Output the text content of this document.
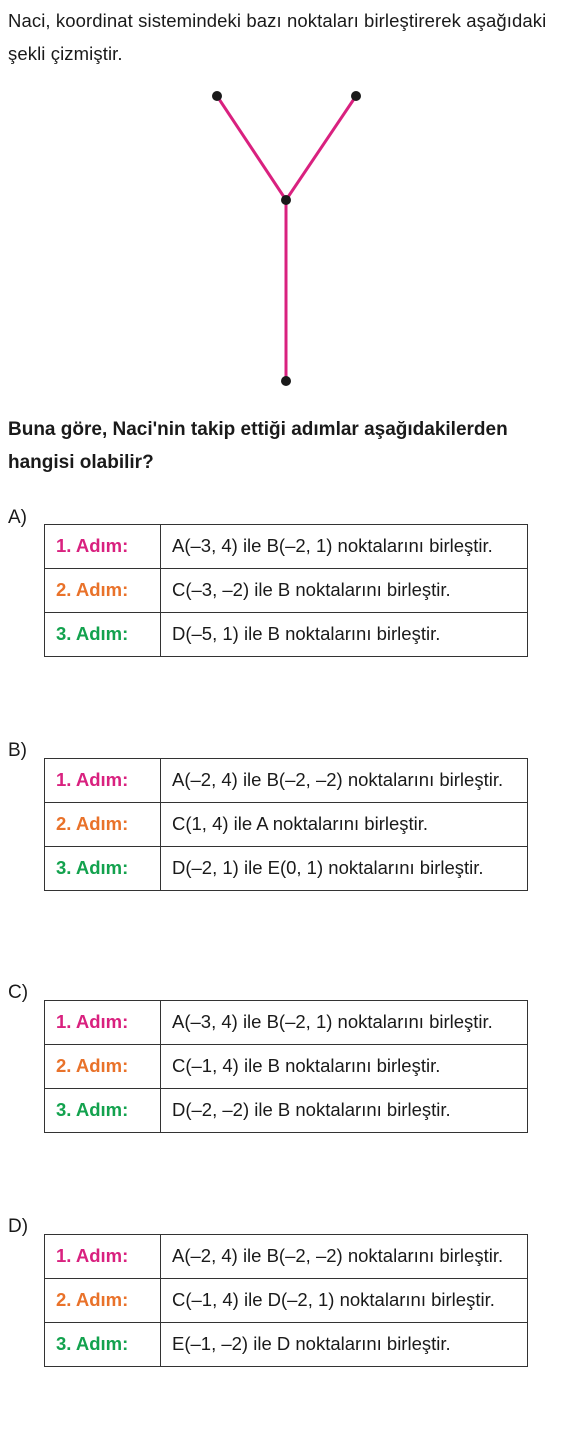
Naci, koordinat sistemindeki bazı noktaları birleştirerek aşağıdaki şekli çizmiştir.

Buna göre, Naci'nin takip ettiği adımlar aşağıdakilerden hangisi olabilir?

A)
1. Adım:	A(–3, 4) ile B(–2, 1) noktalarını birleştir.
2. Adım:	C(–3, –2) ile B noktalarını birleştir.
3. Adım:	D(–5, 1) ile B noktalarını birleştir.
B)
1. Adım:	A(–2, 4) ile B(–2, –2) noktalarını birleştir.
2. Adım:	C(1, 4) ile A noktalarını birleştir.
3. Adım:	D(–2, 1) ile E(0, 1) noktalarını birleştir.
C)
1. Adım:	A(–3, 4) ile B(–2, 1) noktalarını birleştir.
2. Adım:	C(–1, 4) ile B noktalarını birleştir.
3. Adım:	D(–2, –2) ile B noktalarını birleştir.
D)
1. Adım:	A(–2, 4) ile B(–2, –2) noktalarını birleştir.
2. Adım:	C(–1, 4) ile D(–2, 1) noktalarını birleştir.
3. Adım:	E(–1, –2) ile D noktalarını birleştir.
